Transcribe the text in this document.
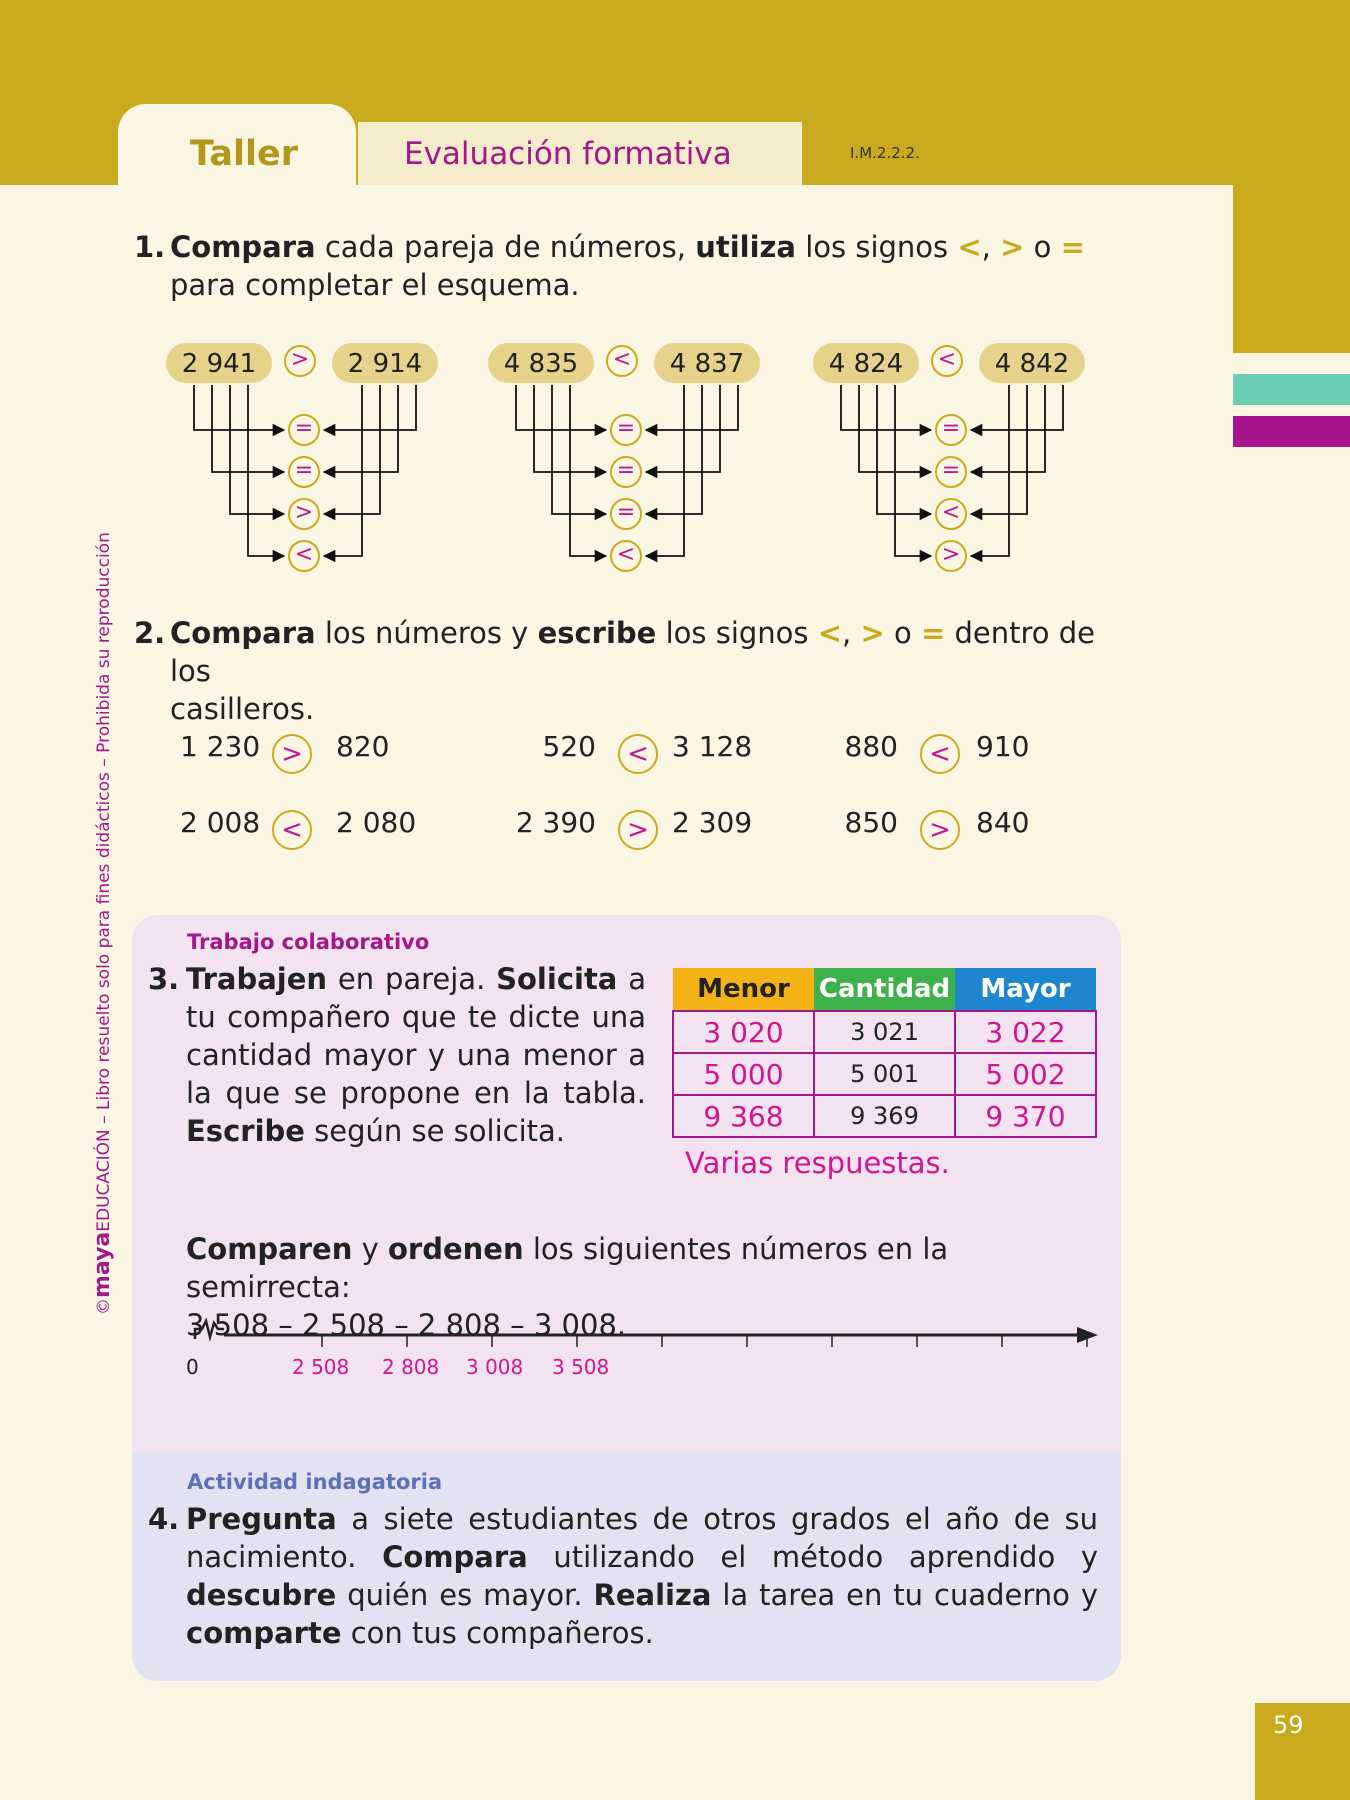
Taller	Evaluación formativa	I.M.2.2.2.
©mayaEDUCACIÓN – Libro resuelto solo para fines didácticos – Prohibida su reproducción
1. Compara cada pareja de números, utiliza los signos <, > o =
para completar el esquema.
2 941	2 914
>
=
=
>
<
4 835	4 837
<
=
=
=
<
4 824	4 842
<
=
=
<
>
2. Compara los números y escribe los signos <, > o = dentro de los
casilleros.
1 230 >	820	520	< 3 128	880	< 910
2 008 <	2 080	2 390	> 2 309	850	> 840
Trabajo colaborativo
3. Trabajen en pareja. Solicita a tu compañero que te dicte una cantidad mayor y una menor a la que se propone en la tabla. Escribe según se solicita.
Menor	Cantidad	Mayor
3 020	3 021	3 022
5 000	5 001	5 002
9 368	9 369	9 370
Varias respuestas.
Comparen y ordenen los siguientes números en la semirrecta:
3 508 – 2 508 – 2 808 – 3 008.
0	2 508 2 808 3 008 3 508
Actividad indagatoria
4. Pregunta a siete estudiantes de otros grados el año de su nacimiento. Compara utilizando el método aprendido y descubre quién es mayor. Realiza la tarea en tu cuaderno y comparte con tus compañeros.
59
